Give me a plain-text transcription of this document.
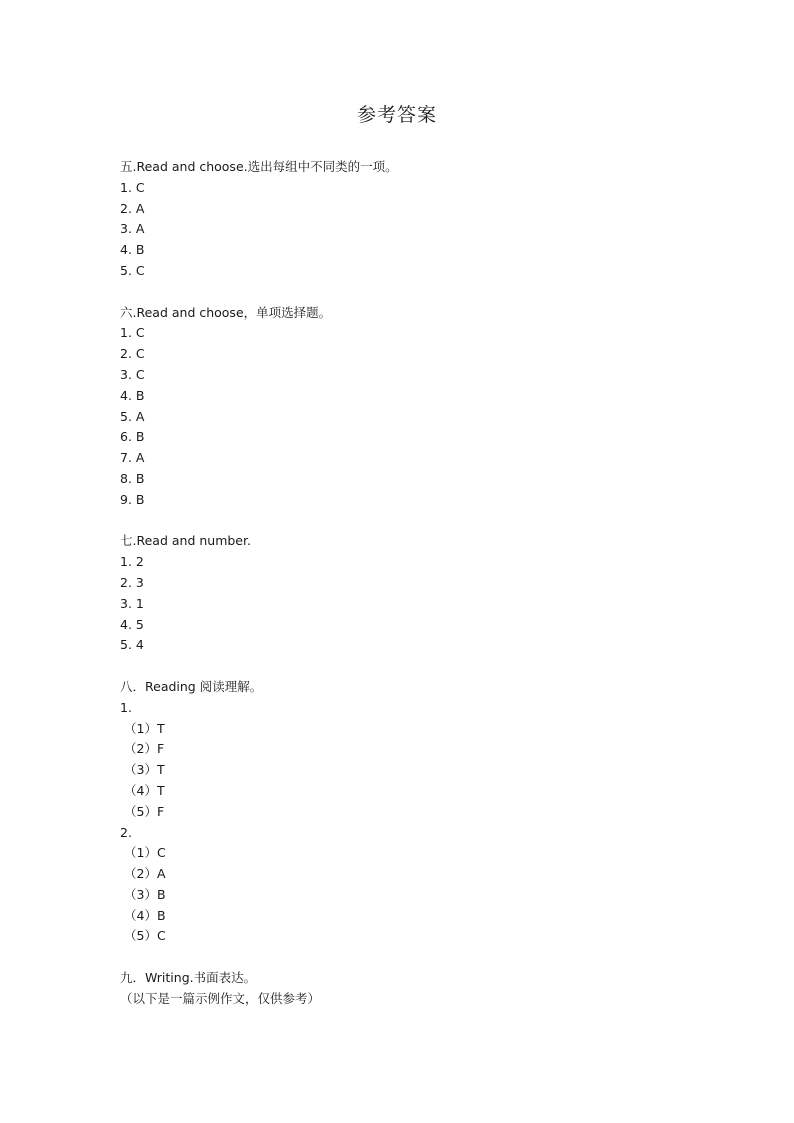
参考答案
五.Read and choose.选出每组中不同类的一项。
1. C
2. A
3. A
4. B
5. C
六.Read and choose，单项选择题。
1. C
2. C
3. C
4. B
5. A
6. B
7. A
8. B
9. B
七.Read and number.
1. 2
2. 3
3. 1
4. 5
5. 4
八．Reading 阅读理解。
1.
（1）T
（2）F
（3）T
（4）T
（5）F
2.
（1）C
（2）A
（3）B
（4）B
（5）C
九．Writing.书面表达。
（以下是一篇示例作文，仅供参考）
